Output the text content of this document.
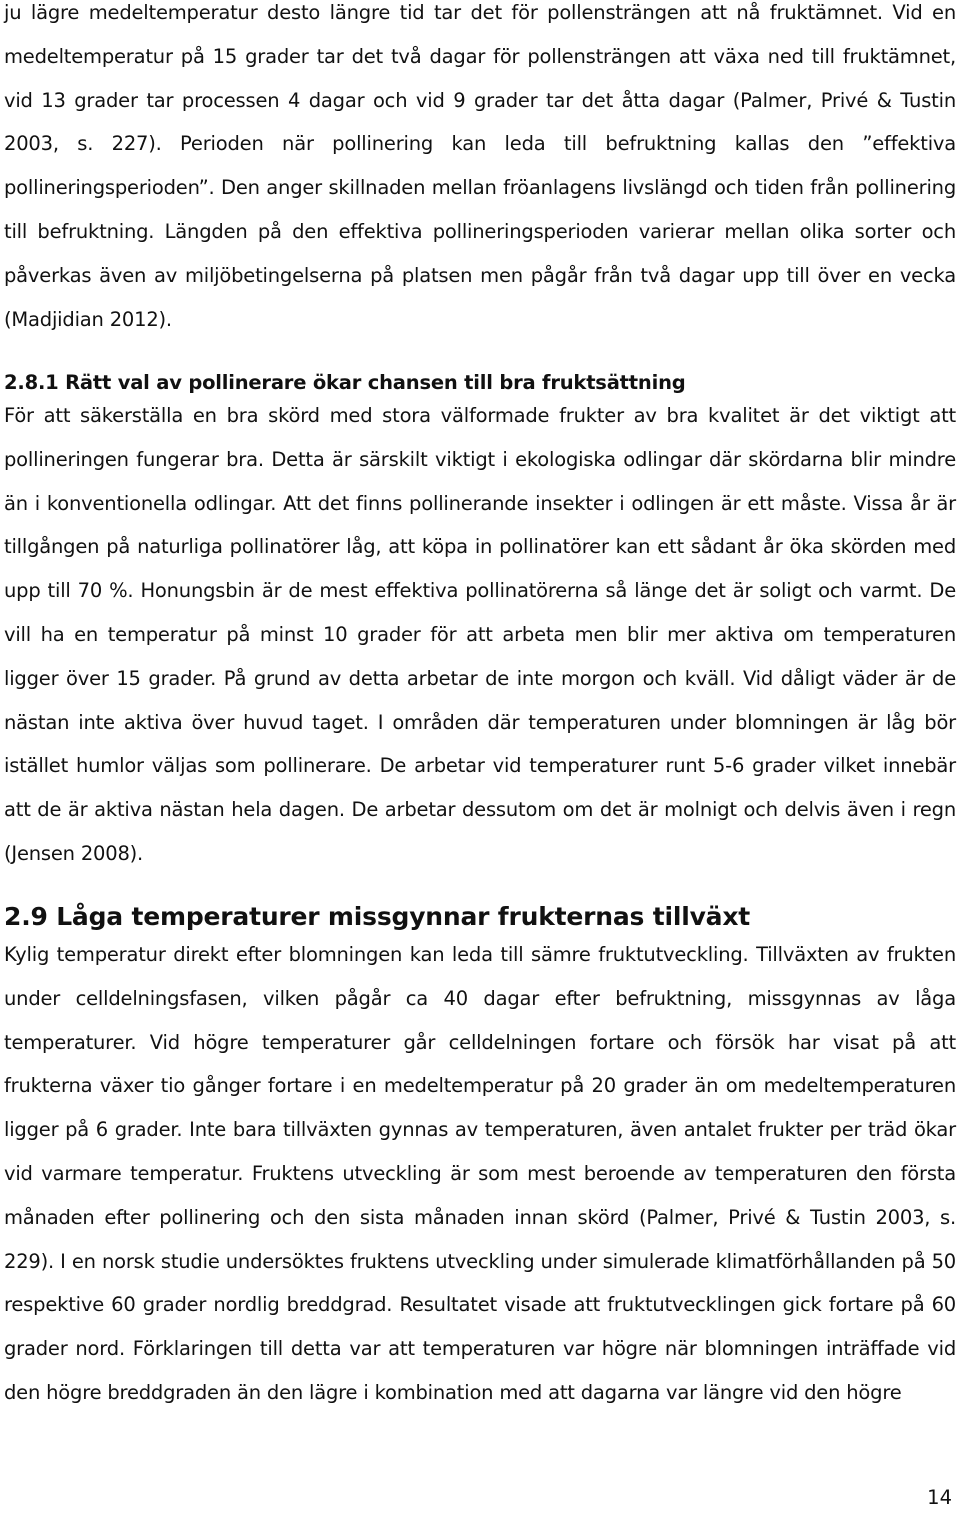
ju lägre medeltemperatur desto längre tid tar det för pollensträngen att nå fruktämnet. Vid en medeltemperatur på 15 grader tar det två dagar för pollensträngen att växa ned till fruktämnet, vid 13 grader tar processen 4 dagar och vid 9 grader tar det åtta dagar (Palmer, Privé & Tustin 2003, s. 227). Perioden när pollinering kan leda till befruktning kallas den ”effektiva pollineringsperioden”. Den anger skillnaden mellan fröanlagens livslängd och tiden från pollinering till befruktning. Längden på den effektiva pollineringsperioden varierar mellan olika sorter och påverkas även av miljöbetingelserna på platsen men pågår från två dagar upp till över en vecka (Madjidian 2012).

2.8.1 Rätt val av pollinerare ökar chansen till bra fruktsättning

För att säkerställa en bra skörd med stora välformade frukter av bra kvalitet är det viktigt att pollineringen fungerar bra. Detta är särskilt viktigt i ekologiska odlingar där skördarna blir mindre än i konventionella odlingar. Att det finns pollinerande insekter i odlingen är ett måste. Vissa år är tillgången på naturliga pollinatörer låg, att köpa in pollinatörer kan ett sådant år öka skörden med upp till 70 %. Honungsbin är de mest effektiva pollinatörerna så länge det är soligt och varmt. De vill ha en temperatur på minst 10 grader för att arbeta men blir mer aktiva om temperaturen ligger över 15 grader. På grund av detta arbetar de inte morgon och kväll. Vid dåligt väder är de nästan inte aktiva över huvud taget. I områden där temperaturen under blomningen är låg bör istället humlor väljas som pollinerare. De arbetar vid temperaturer runt 5-6 grader vilket innebär att de är aktiva nästan hela dagen. De arbetar dessutom om det är molnigt och delvis även i regn (Jensen 2008).

2.9 Låga temperaturer missgynnar frukternas tillväxt

Kylig temperatur direkt efter blomningen kan leda till sämre fruktutveckling. Tillväxten av frukten under celldelningsfasen, vilken pågår ca 40 dagar efter befruktning, missgynnas av låga temperaturer. Vid högre temperaturer går celldelningen fortare och försök har visat på att frukterna växer tio gånger fortare i en medeltemperatur på 20 grader än om medeltemperaturen ligger på 6 grader. Inte bara tillväxten gynnas av temperaturen, även antalet frukter per träd ökar vid varmare temperatur. Fruktens utveckling är som mest beroende av temperaturen den första månaden efter pollinering och den sista månaden innan skörd (Palmer, Privé & Tustin 2003, s. 229). I en norsk studie undersöktes fruktens utveckling under simulerade klimatförhållanden på 50 respektive 60 grader nordlig breddgrad. Resultatet visade att fruktutvecklingen gick fortare på 60 grader nord. Förklaringen till detta var att temperaturen var högre när blomningen inträffade vid den högre breddgraden än den lägre i kombination med att dagarna var längre vid den högre

14
